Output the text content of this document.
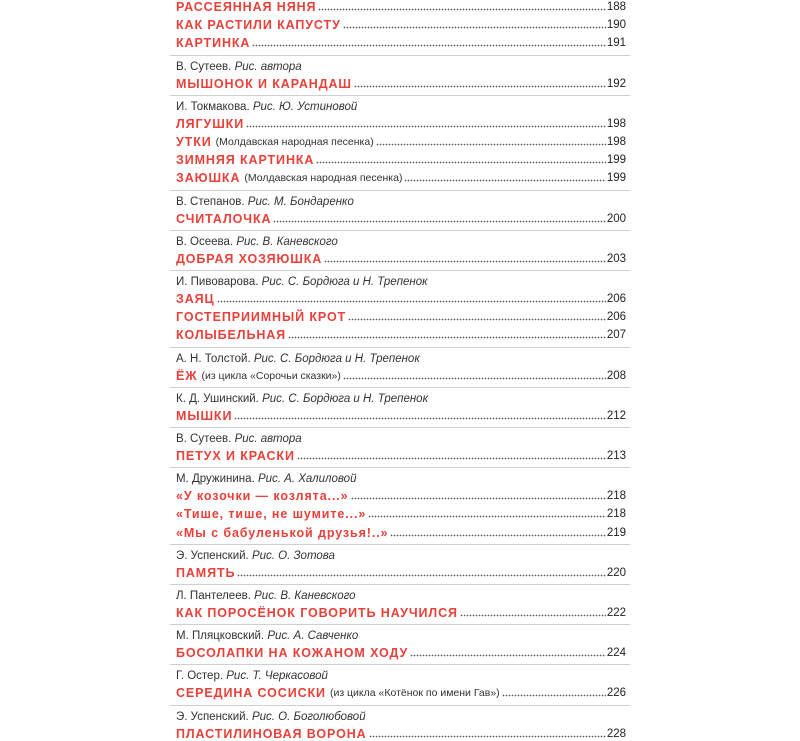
РАССЕЯННАЯ НЯНЯ	188
КАК РАСТИЛИ КАПУСТУ	190
КАРТИНКА	191
В. Сутеев. Рис. автора
МЫШОНОК И КАРАНДАШ	192
И. Токмакова. Рис. Ю. Устиновой
ЛЯГУШКИ	198
УТКИ (Молдавская народная песенка)	198
ЗИМНЯЯ КАРТИНКА	199
ЗАЮШКА (Молдавская народная песенка)	199
В. Степанов. Рис. М. Бондаренко
СЧИТАЛОЧКА	200
В. Осеева. Рис. В. Каневского
ДОБРАЯ ХОЗЯЮШКА	203
И. Пивоварова. Рис. С. Бордюга и Н. Трепенок
ЗАЯЦ	206
ГОСТЕПРИИМНЫЙ КРОТ	206
КОЛЫБЕЛЬНАЯ	207
А. Н. Толстой. Рис. С. Бордюга и Н. Трепенок
ЁЖ (из цикла «Сорочьи сказки»)	208
К. Д. Ушинский. Рис. С. Бордюга и Н. Трепенок
МЫШКИ	212
В. Сутеев. Рис. автора
ПЕТУХ И КРАСКИ	213
М. Дружинина. Рис. А. Халиловой
«У козочки — козлята...»	218
«Тише, тише, не шумите...»	218
«Мы с бабуленькой друзья!..»	219
Э. Успенский. Рис. О. Зотова
ПАМЯТЬ	220
Л. Пантелеев. Рис. В. Каневского
КАК ПОРОСЁНОК ГОВОРИТЬ НАУЧИЛСЯ	222
М. Пляцковский. Рис. А. Савченко
БОСОЛАПКИ НА КОЖАНОМ ХОДУ	224
Г. Остер. Рис. Т. Черкасовой
СЕРЕДИНА СОСИСКИ (из цикла «Котёнок по имени Гав»)	226
Э. Успенский. Рис. О. Боголюбовой
ПЛАСТИЛИНОВАЯ ВОРОНА	228
